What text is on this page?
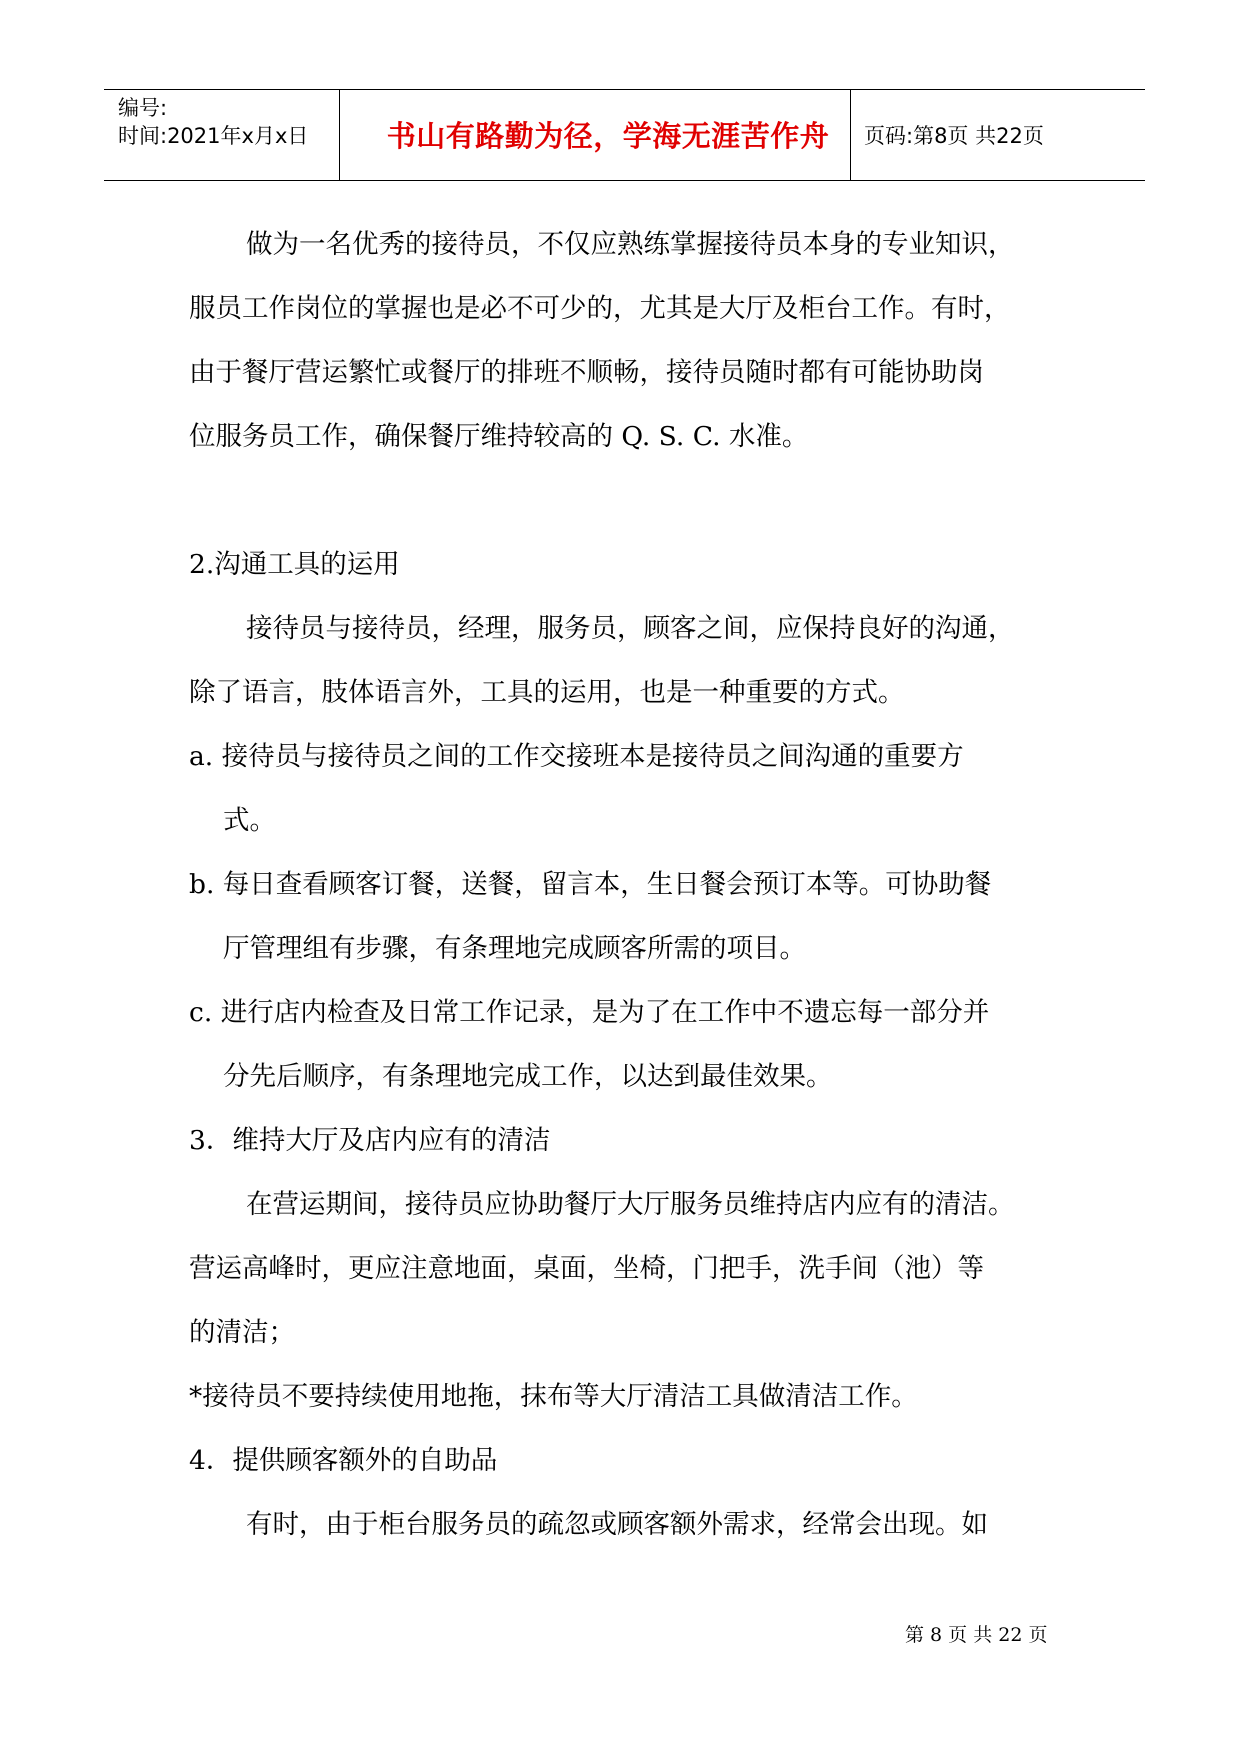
编号:
时间:2021年x月x日	书山有路勤为径，学海无涯苦作舟	页码:第8页 共22页
做为一名优秀的接待员，不仅应熟练掌握接待员本身的专业知识，
服员工作岗位的掌握也是必不可少的，尤其是大厅及柜台工作。有时，
由于餐厅营运繁忙或餐厅的排班不顺畅，接待员随时都有可能协助岗
位服务员工作，确保餐厅维持较高的 Q. S. C. 水准。
2.沟通工具的运用
接待员与接待员，经理，服务员，顾客之间，应保持良好的沟通，
除了语言，肢体语言外，工具的运用，也是一种重要的方式。
a. 接待员与接待员之间的工作交接班本是接待员之间沟通的重要方
式。
b. 每日查看顾客订餐，送餐，留言本，生日餐会预订本等。可协助餐
厅管理组有步骤，有条理地完成顾客所需的项目。
c. 进行店内检查及日常工作记录，是为了在工作中不遗忘每一部分并
分先后顺序，有条理地完成工作，以达到最佳效果。
3．维持大厅及店内应有的清洁
在营运期间，接待员应协助餐厅大厅服务员维持店内应有的清洁。
营运高峰时，更应注意地面，桌面，坐椅，门把手，洗手间（池）等
的清洁；
*接待员不要持续使用地拖，抹布等大厅清洁工具做清洁工作。
4．提供顾客额外的自助品
有时，由于柜台服务员的疏忽或顾客额外需求，经常会出现。如
第 8 页 共 22 页
